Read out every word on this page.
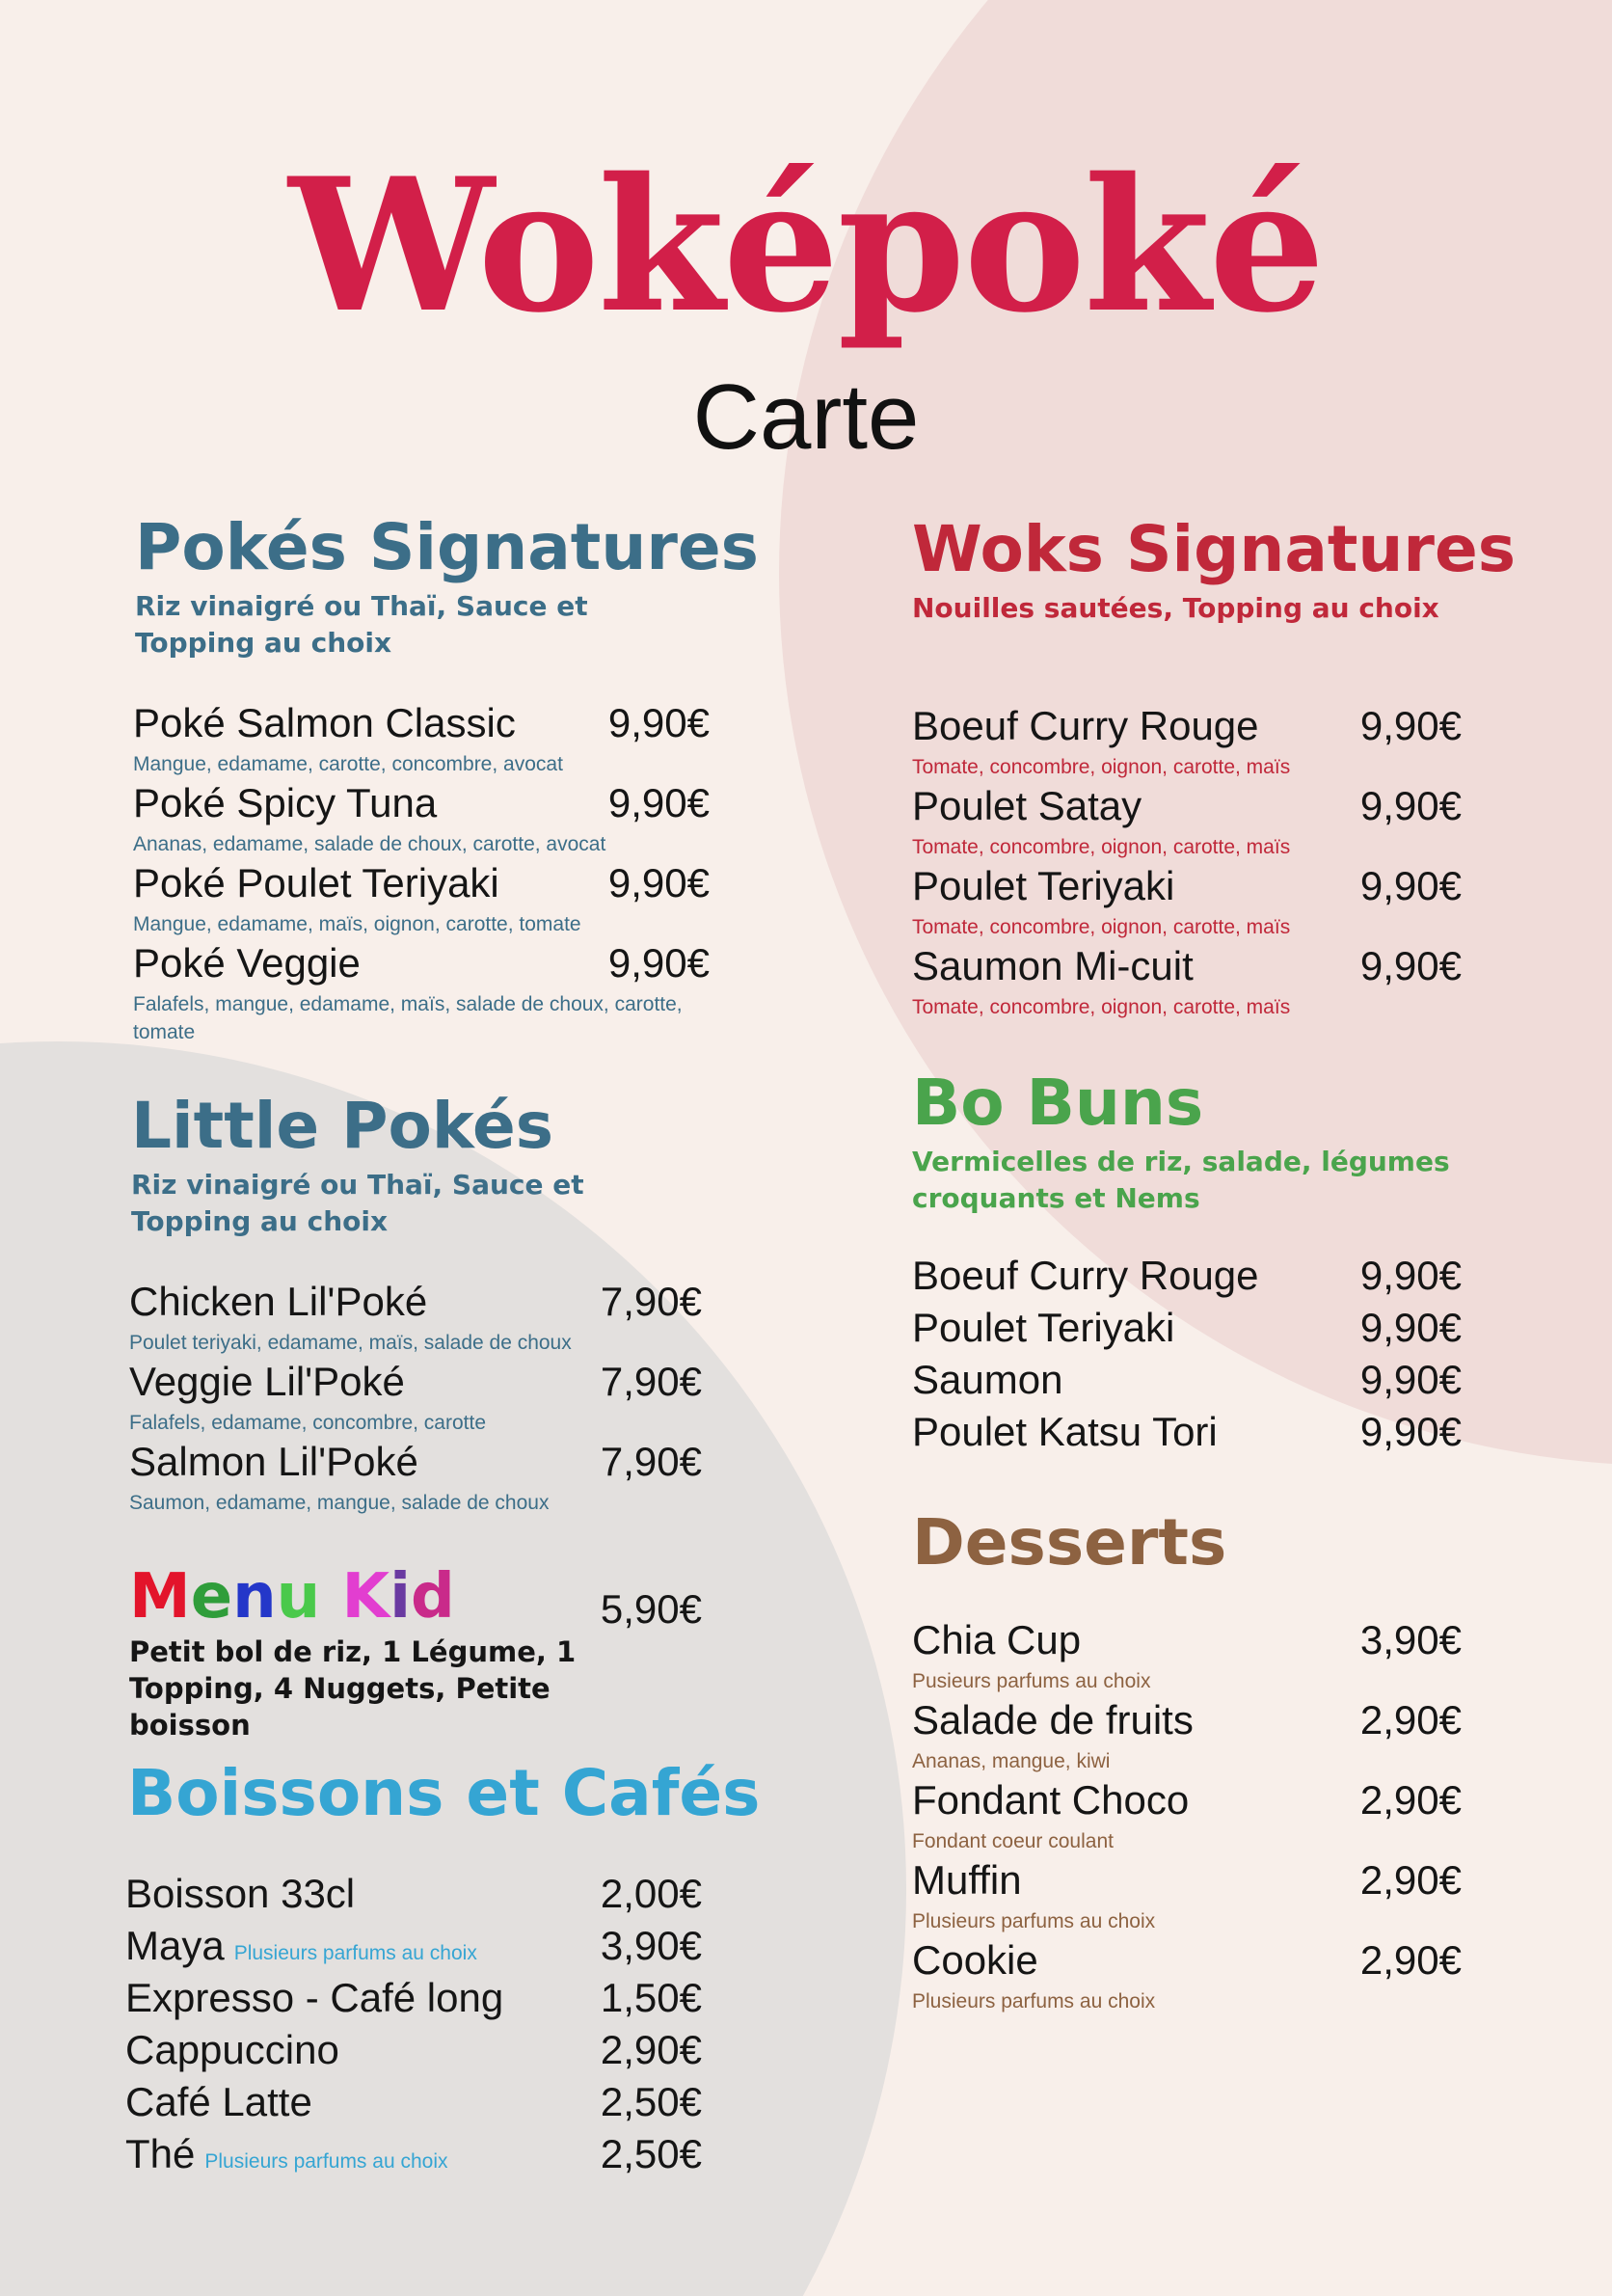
Woképoké
Carte
Pokés Signatures
Riz vinaigré ou Thaï, Sauce et Topping au choix
Poké Salmon Classic 9,90€
Mangue, edamame, carotte, concombre, avocat
Poké Spicy Tuna	9,90€
Ananas, edamame, salade de choux, carotte, avocat
Poké Poulet Teriyaki	9,90€
Mangue, edamame, maïs, oignon, carotte, tomate
Poké Veggie	9,90€
Falafels, mangue, edamame, maïs, salade de choux, carotte, tomate
Little Pokés
Riz vinaigré ou Thaï, Sauce et Topping au choix
Chicken Lil'Poké	7,90€
Poulet teriyaki, edamame, maïs, salade de choux
Veggie Lil'Poké	7,90€
Falafels, edamame, concombre, carotte
Salmon Lil'Poké	7,90€
Saumon, edamame, mangue, salade de choux
Menu Kid
Petit bol de riz, 1 Légume, 1 Topping, 4 Nuggets, Petite boisson
5,90€
Boissons et Cafés
Boisson 33cl	2,00€
Maya Plusieurs parfums au choix	3,90€
Expresso - Café long 1,50€
Cappuccino	2,90€
Café Latte	2,50€
Thé Plusieurs parfums au choix	2,50€
Woks Signatures
Nouilles sautées, Topping au choix
Boeuf Curry Rouge	9,90€
Tomate, concombre, oignon, carotte, maïs
Poulet Satay	9,90€
Tomate, concombre, oignon, carotte, maïs
Poulet Teriyaki	9,90€
Tomate, concombre, oignon, carotte, maïs
Saumon Mi-cuit	9,90€
Tomate, concombre, oignon, carotte, maïs
Bo Buns
Vermicelles de riz, salade, légumes croquants et Nems
Boeuf Curry Rouge	9,90€
Poulet Teriyaki	9,90€
Saumon	9,90€
Poulet Katsu Tori	9,90€
Desserts
Chia Cup	3,90€
Pusieurs parfums au choix
Salade de fruits	2,90€
Ananas, mangue, kiwi
Fondant Choco	2,90€
Fondant coeur coulant
Muffin	2,90€
Plusieurs parfums au choix
Cookie	2,90€
Plusieurs parfums au choix
